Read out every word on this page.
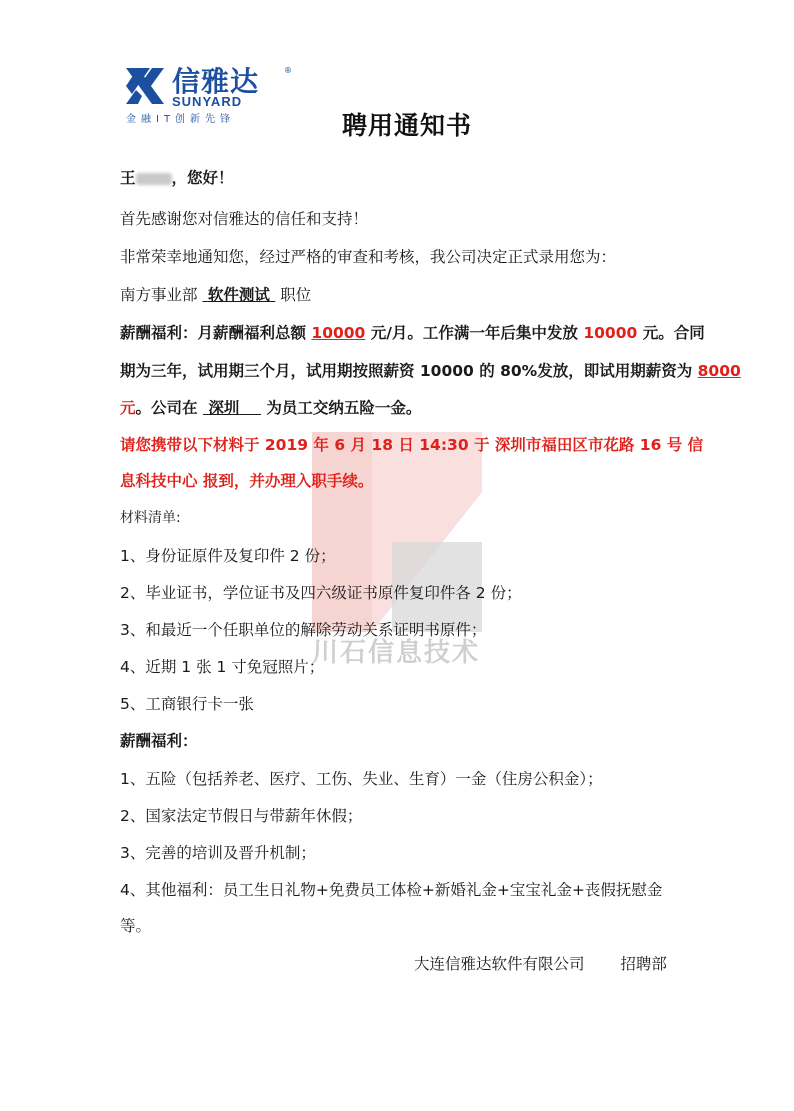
川石信息技术
信雅达	®
SUNYARD
金融IT创新先锋	聘用通知书
王 ，您好！
首先感谢您对信雅达的信任和支持！
非常荣幸地通知您，经过严格的审查和考核，我公司决定正式录用您为：
南方事业部 软件测试 职位
薪酬福利：月薪酬福利总额 10000 元/月。工作满一年后集中发放 10000 元。合同
期为三年，试用期三个月，试用期按照薪资 10000 的 80%发放，即试用期薪资为 8000
元。公司在 深圳 为员工交纳五险一金。
请您携带以下材料于 2019 年 6 月 18 日 14:30 于 深圳市福田区市花路 16 号 信
息科技中心 报到，并办理入职手续。
材料清单:
1、身份证原件及复印件 2 份；
2、毕业证书，学位证书及四六级证书原件复印件各 2 份；
3、和最近一个任职单位的解除劳动关系证明书原件；
4、近期 1 张 1 寸免冠照片；
5、工商银行卡一张
薪酬福利：
1、五险（包括养老、医疗、工伤、失业、生育）一金（住房公积金）；
2、国家法定节假日与带薪年休假；
3、完善的培训及晋升机制；
4、其他福利：员工生日礼物+免费员工体检+新婚礼金+宝宝礼金+丧假抚慰金
等。
大连信雅达软件有限公司 招聘部
